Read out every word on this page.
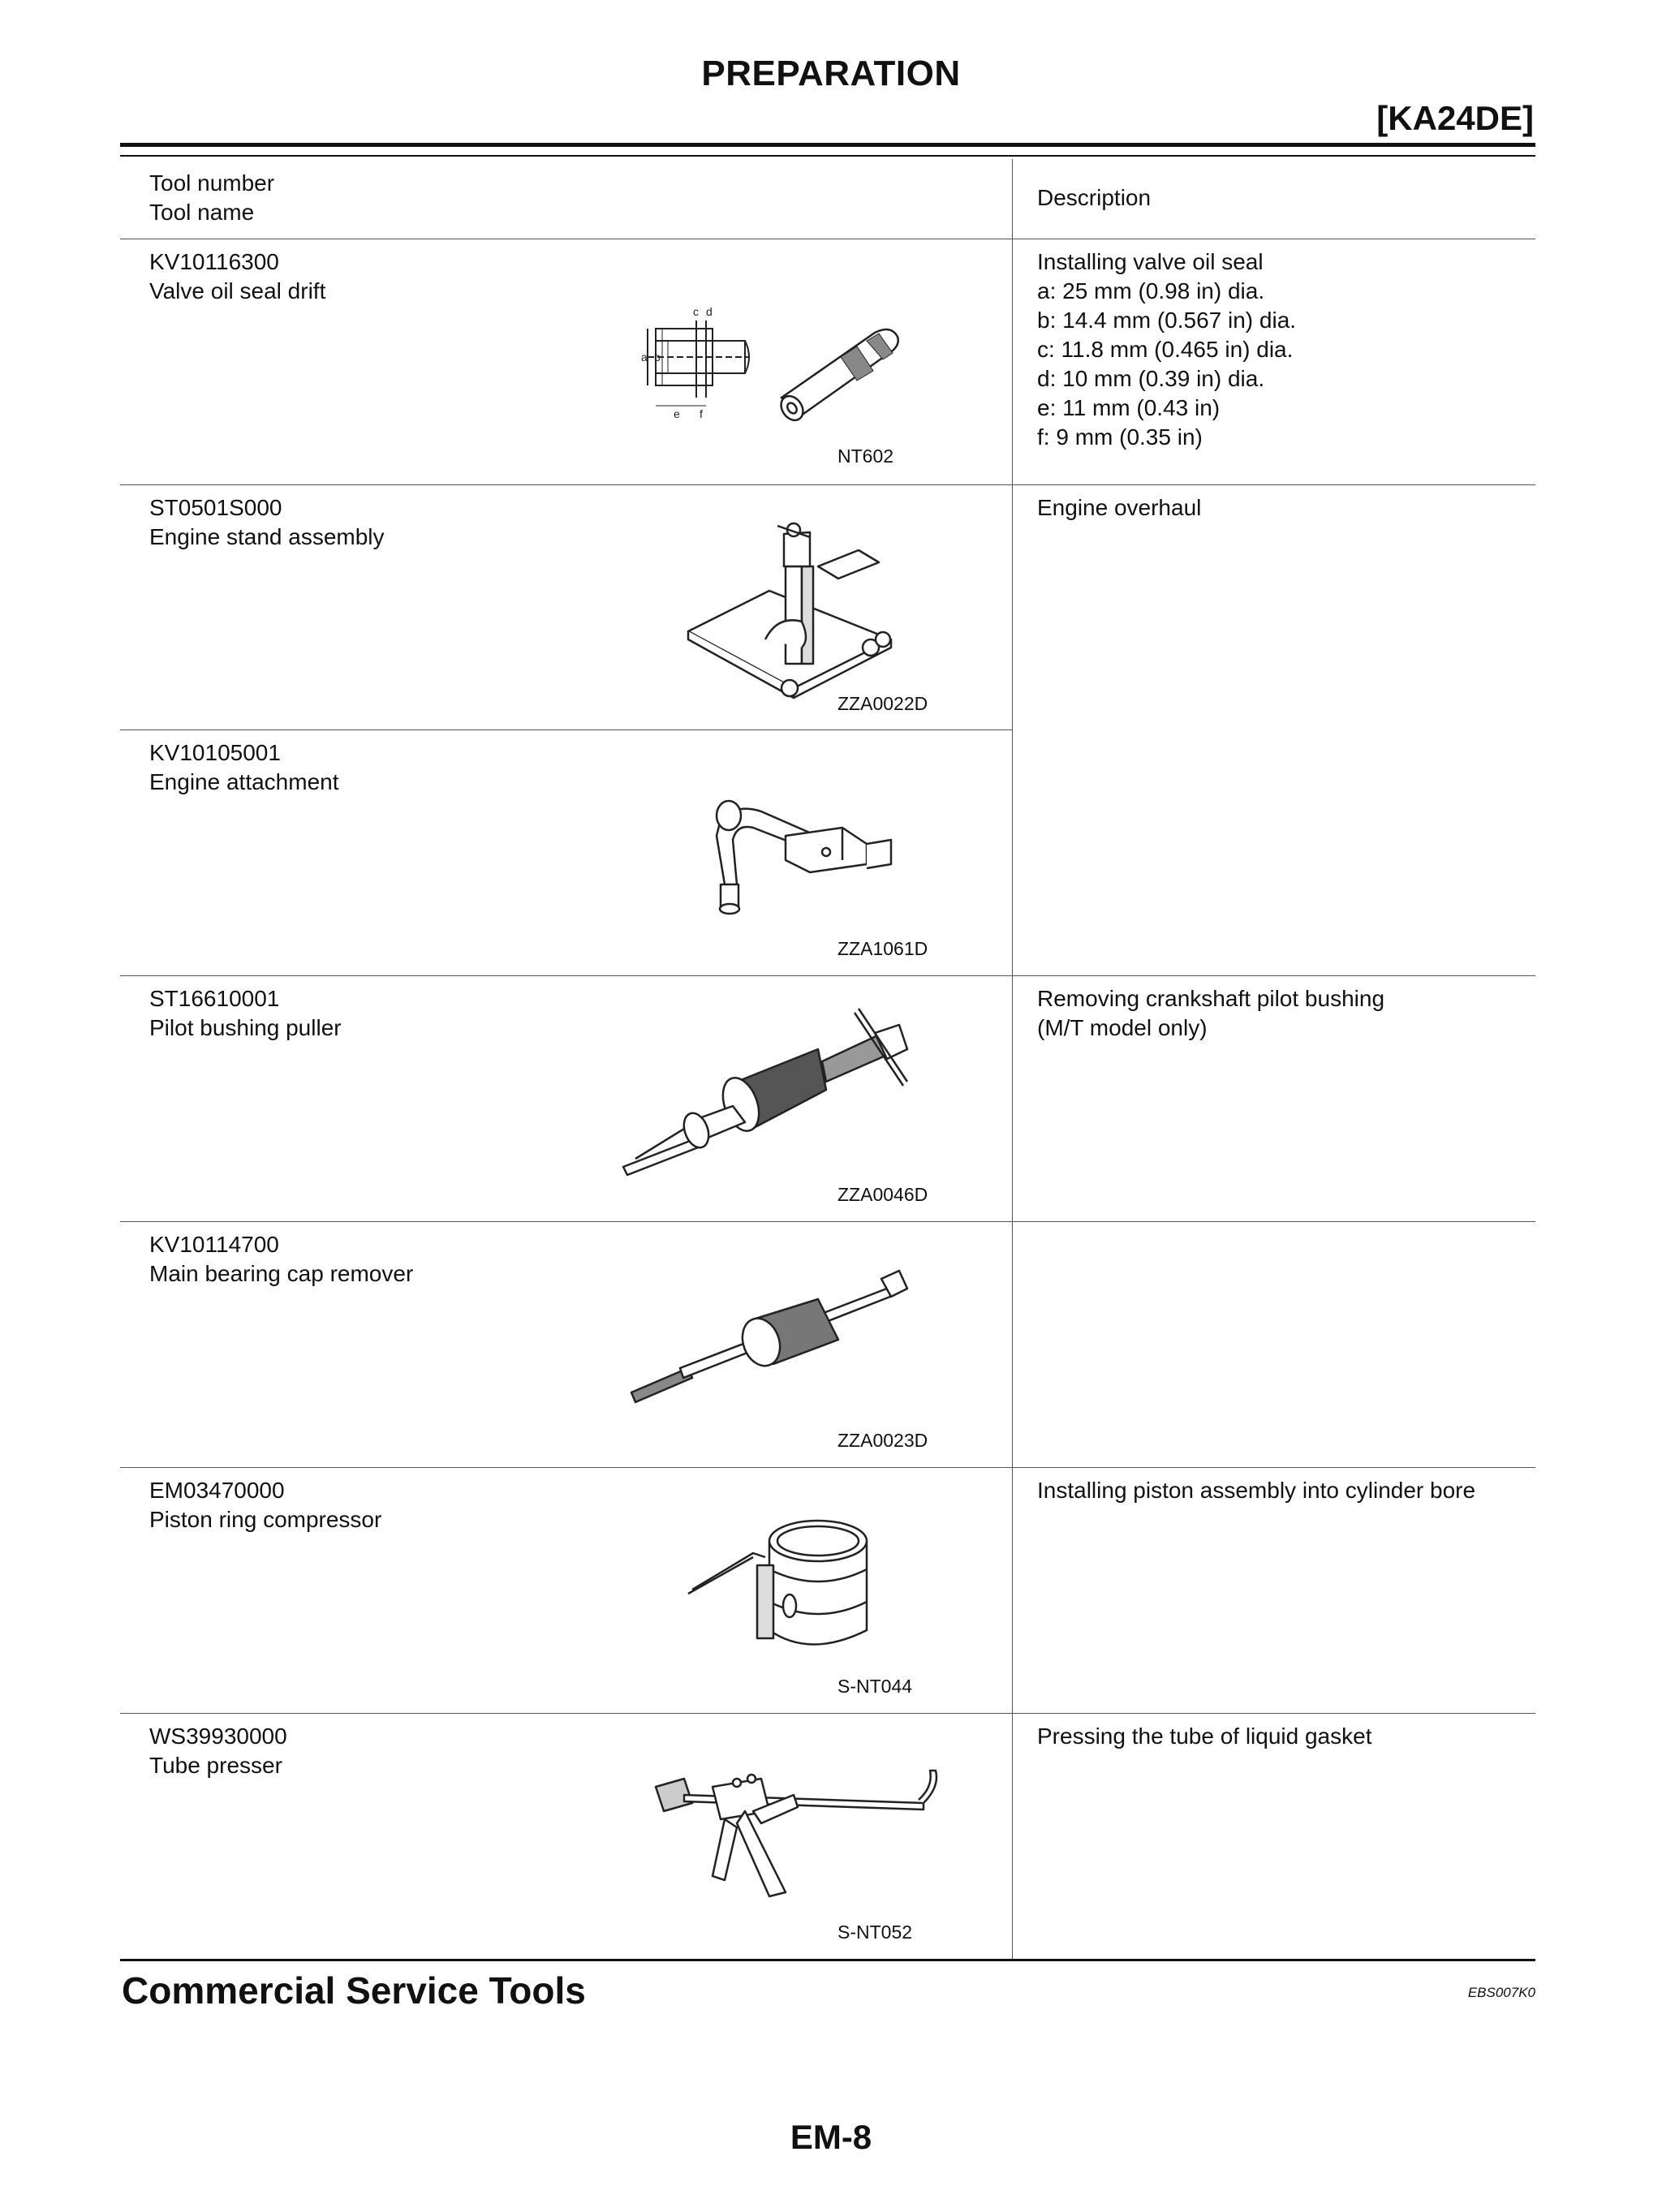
PREPARATION
[KA24DE]
Tool number
Tool name
Description
KV10116300
Valve oil seal drift
a b
c d
e f
NT602
Installing valve oil seal
a: 25 mm (0.98 in) dia.
b: 14.4 mm (0.567 in) dia.
c: 11.8 mm (0.465 in) dia.
d: 10 mm (0.39 in) dia.
e: 11 mm (0.43 in)
f: 9 mm (0.35 in)
ST0501S000
Engine stand assembly
ZZA0022D
KV10105001
Engine attachment
ZZA1061D
Engine overhaul
ST16610001
Pilot bushing puller
ZZA0046D
Removing crankshaft pilot bushing
(M/T model only)
KV10114700
Main bearing cap remover
ZZA0023D
EM03470000
Piston ring compressor
S-NT044
Installing piston assembly into cylinder bore
WS39930000
Tube presser
S-NT052
Pressing the tube of liquid gasket
Commercial Service Tools	EBS007K0
EM-8
